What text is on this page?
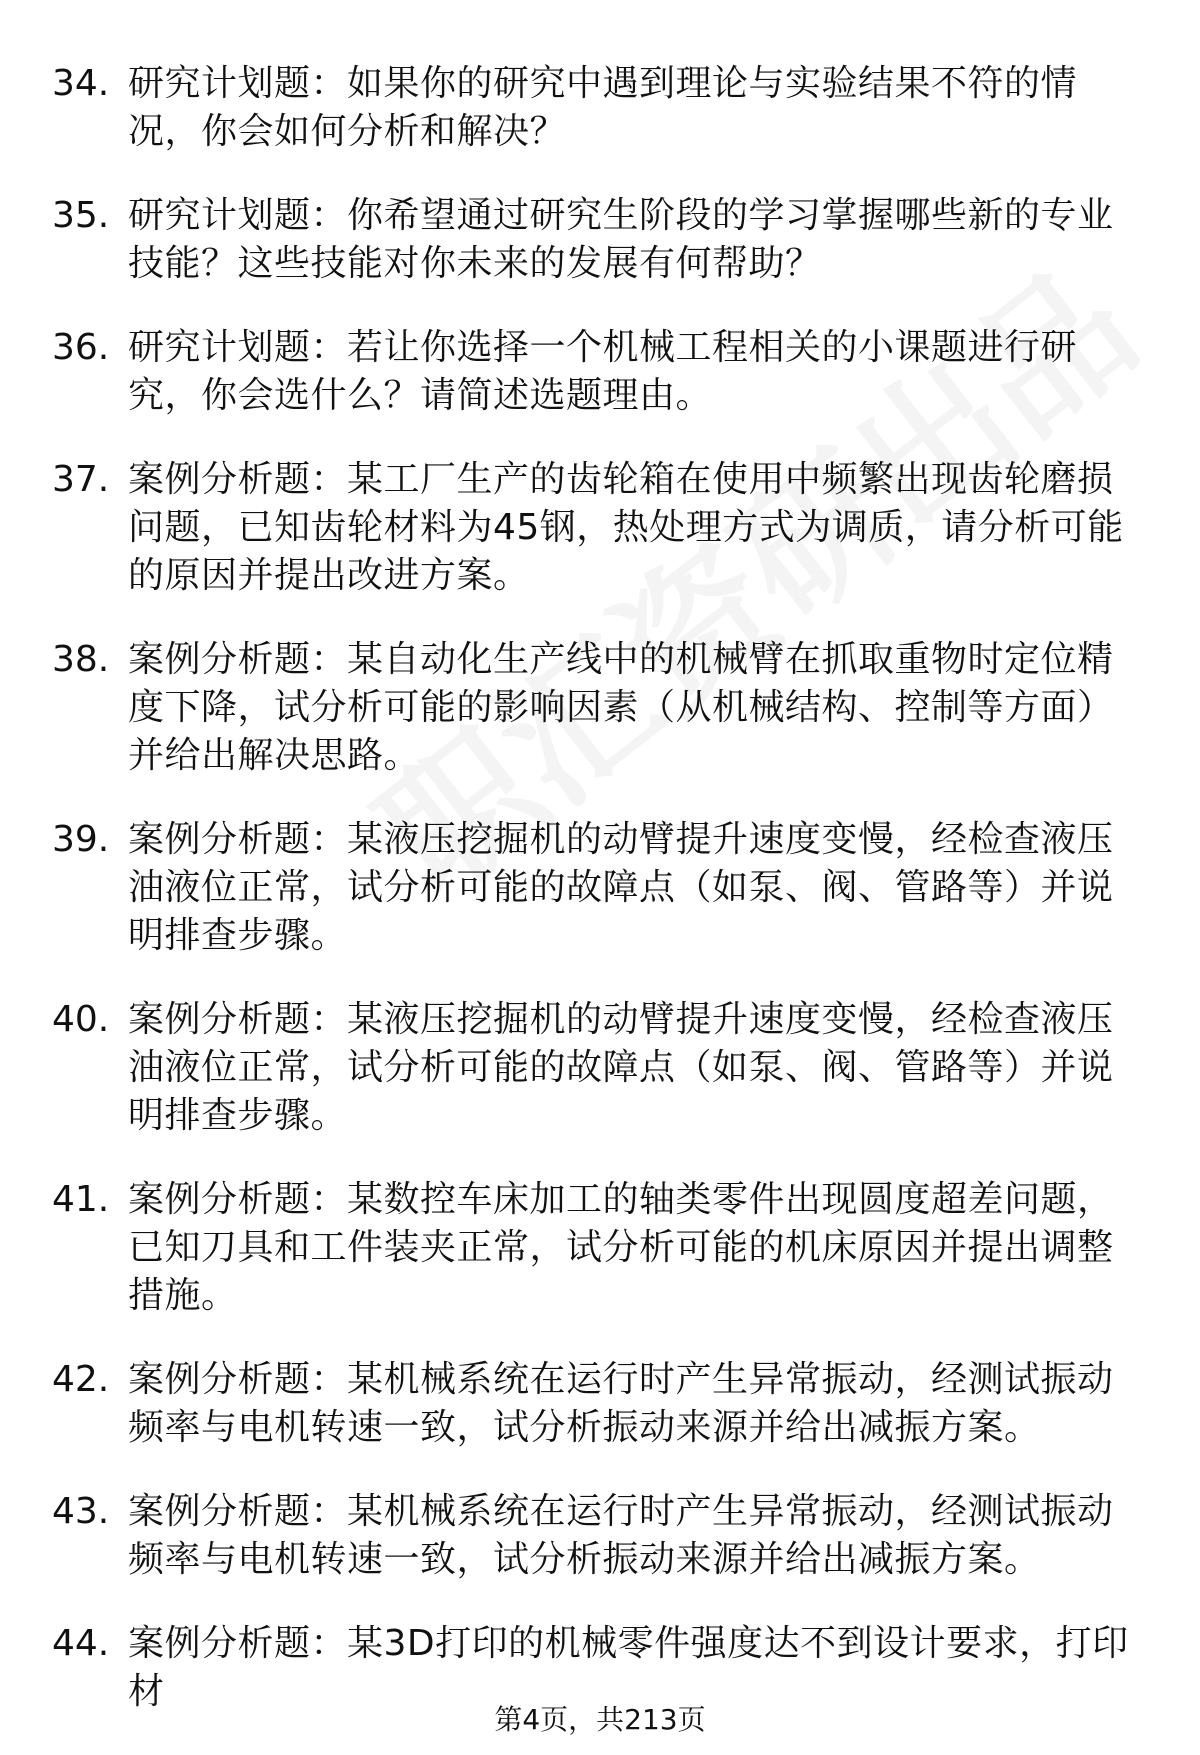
34. 研究计划题：如果你的研究中遇到理论与实验结果不符的情况，你会如何分析和解决？
35. 研究计划题：你希望通过研究生阶段的学习掌握哪些新的专业技能？这些技能对你未来的发展有何帮助？
36. 研究计划题：若让你选择一个机械工程相关的小课题进行研究，你会选什么？请简述选题理由。
37. 案例分析题：某工厂生产的齿轮箱在使用中频繁出现齿轮磨损问题，已知齿轮材料为45钢，热处理方式为调质，请分析可能的原因并提出改进方案。
38. 案例分析题：某自动化生产线中的机械臂在抓取重物时定位精度下降，试分析可能的影响因素（从机械结构、控制等方面）并给出解决思路。
39. 案例分析题：某液压挖掘机的动臂提升速度变慢，经检查液压油液位正常，试分析可能的故障点（如泵、阀、管路等）并说明排查步骤。
40. 案例分析题：某液压挖掘机的动臂提升速度变慢，经检查液压油液位正常，试分析可能的故障点（如泵、阀、管路等）并说明排查步骤。
41. 案例分析题：某数控车床加工的轴类零件出现圆度超差问题，已知刀具和工件装夹正常，试分析可能的机床原因并提出调整措施。
42. 案例分析题：某机械系统在运行时产生异常振动，经测试振动频率与电机转速一致，试分析振动来源并给出减振方案。
43. 案例分析题：某机械系统在运行时产生异常振动，经测试振动频率与电机转速一致，试分析振动来源并给出减振方案。
44. 案例分析题：某3D打印的机械零件强度达不到设计要求，打印材
第4页，共213页
